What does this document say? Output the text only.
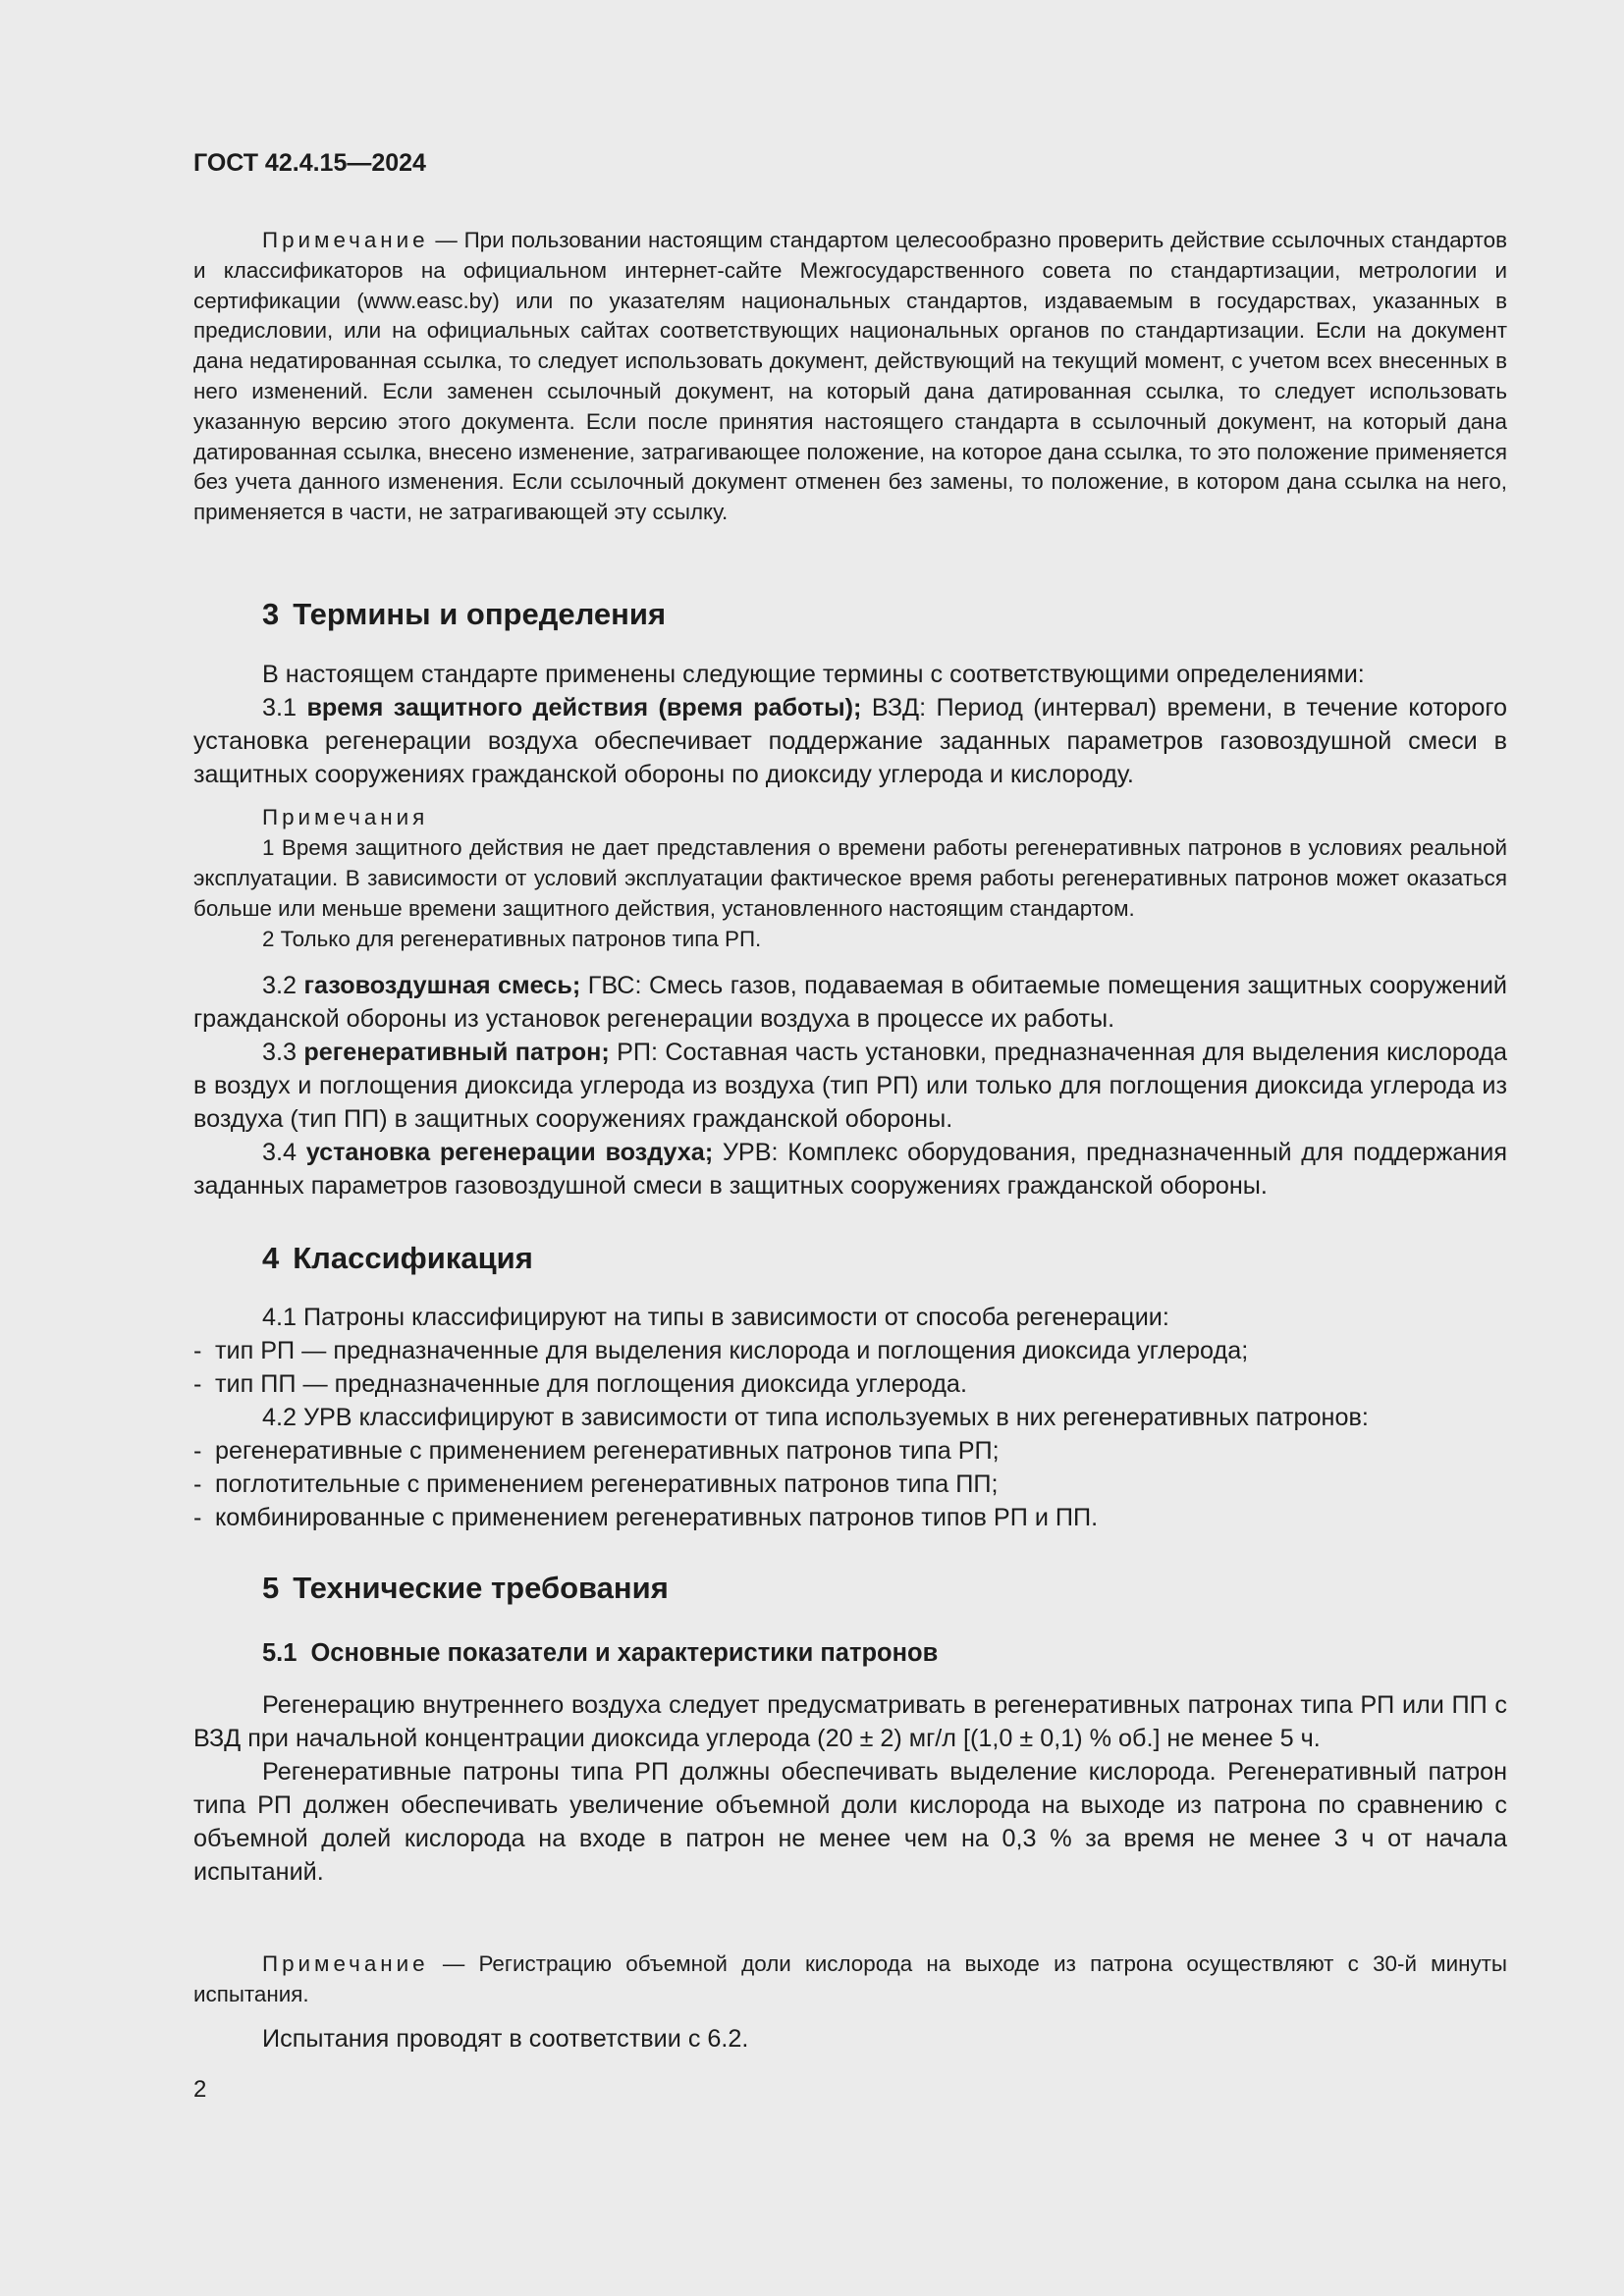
ГОСТ 42.4.15—2024

Примечание — При пользовании настоящим стандартом целесообразно проверить действие ссылочных стандартов и классификаторов на официальном интернет-сайте Межгосударственного совета по стандартизации, метрологии и сертификации (www.easc.by) или по указателям национальных стандартов, издаваемым в государствах, указанных в предисловии, или на официальных сайтах соответствующих национальных органов по стандартизации. Если на документ дана недатированная ссылка, то следует использовать документ, действующий на текущий момент, с учетом всех внесенных в него изменений. Если заменен ссылочный документ, на который дана датированная ссылка, то следует использовать указанную версию этого документа. Если после принятия настоящего стандарта в ссылочный документ, на который дана датированная ссылка, внесено изменение, затрагивающее положение, на которое дана ссылка, то это положение применяется без учета данного изменения. Если ссылочный документ отменен без замены, то положение, в котором дана ссылка на него, применяется в части, не затрагивающей эту ссылку.

3 Термины и определения

В настоящем стандарте применены следующие термины с соответствующими определениями:

3.1 время защитного действия (время работы); ВЗД: Период (интервал) времени, в течение которого установка регенерации воздуха обеспечивает поддержание заданных параметров газовоздушной смеси в защитных сооружениях гражданской обороны по диоксиду углерода и кислороду.

Примечания

1 Время защитного действия не дает представления о времени работы регенеративных патронов в условиях реальной эксплуатации. В зависимости от условий эксплуатации фактическое время работы регенеративных патронов может оказаться больше или меньше времени защитного действия, установленного настоящим стандартом.

2 Только для регенеративных патронов типа РП.

3.2 газовоздушная смесь; ГВС: Смесь газов, подаваемая в обитаемые помещения защитных сооружений гражданской обороны из установок регенерации воздуха в процессе их работы.

3.3 регенеративный патрон; РП: Составная часть установки, предназначенная для выделения кислорода в воздух и поглощения диоксида углерода из воздуха (тип РП) или только для поглощения диоксида углерода из воздуха (тип ПП) в защитных сооружениях гражданской обороны.

3.4 установка регенерации воздуха; УРВ: Комплекс оборудования, предназначенный для поддержания заданных параметров газовоздушной смеси в защитных сооружениях гражданской обороны.

4 Классификация

4.1 Патроны классифицируют на типы в зависимости от способа регенерации:

- тип РП — предназначенные для выделения кислорода и поглощения диоксида углерода;

- тип ПП — предназначенные для поглощения диоксида углерода.

4.2 УРВ классифицируют в зависимости от типа используемых в них регенеративных патронов:

- регенеративные с применением регенеративных патронов типа РП;

- поглотительные с применением регенеративных патронов типа ПП;

- комбинированные с применением регенеративных патронов типов РП и ПП.

5 Технические требования
5.1 Основные показатели и характеристики патронов

Регенерацию внутреннего воздуха следует предусматривать в регенеративных патронах типа РП или ПП с ВЗД при начальной концентрации диоксида углерода (20 ± 2) мг/л [(1,0 ± 0,1) % об.] не менее 5 ч.

Регенеративные патроны типа РП должны обеспечивать выделение кислорода. Регенеративный патрон типа РП должен обеспечивать увеличение объемной доли кислорода на выходе из патрона по сравнению с объемной долей кислорода на входе в патрон не менее чем на 0,3 % за время не менее 3 ч от начала испытаний.

Примечание — Регистрацию объемной доли кислорода на выходе из патрона осуществляют с 30-й минуты испытания.

Испытания проводят в соответствии с 6.2.

2
